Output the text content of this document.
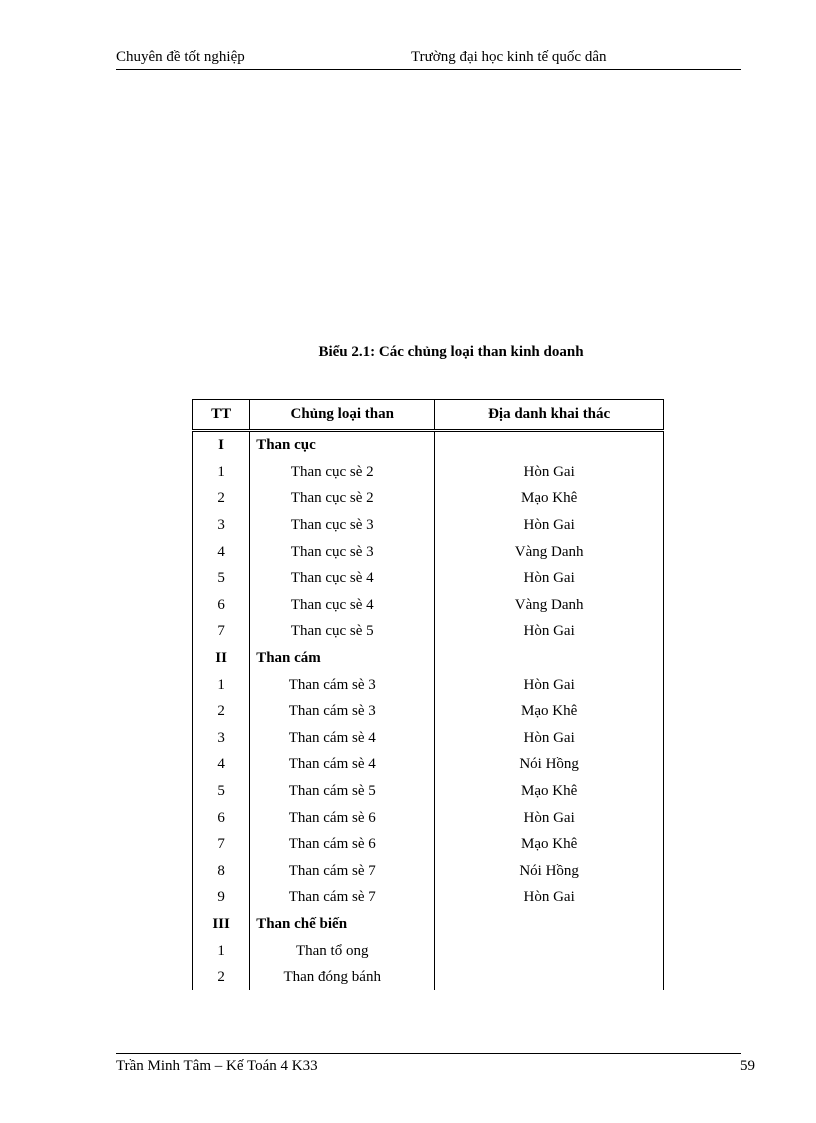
Chuyên đề tốt nghiệp	Trường đại học kinh tế quốc dân
Biểu 2.1: Các chủng loại than kinh doanh
TT	Chủng loại than	Địa danh khai thác
I	Than cục	
1	Than cục sè 2	Hòn Gai
2	Than cục sè 2	Mạo Khê
3	Than cục sè 3	Hòn Gai
4	Than cục sè 3	Vàng Danh
5	Than cục sè 4	Hòn Gai
6	Than cục sè 4	Vàng Danh
7	Than cục sè 5	Hòn Gai
II	Than cám	
1	Than cám sè 3	Hòn Gai
2	Than cám sè 3	Mạo Khê
3	Than cám sè 4	Hòn Gai
4	Than cám sè 4	Nói Hồng
5	Than cám sè 5	Mạo Khê
6	Than cám sè 6	Hòn Gai
7	Than cám sè 6	Mạo Khê
8	Than cám sè 7	Nói Hồng
9	Than cám sè 7	Hòn Gai
III	Than chế biến	
1	Than tổ ong	
2	Than đóng bánh	
Trần Minh Tâm – Kế Toán 4 K33	59
